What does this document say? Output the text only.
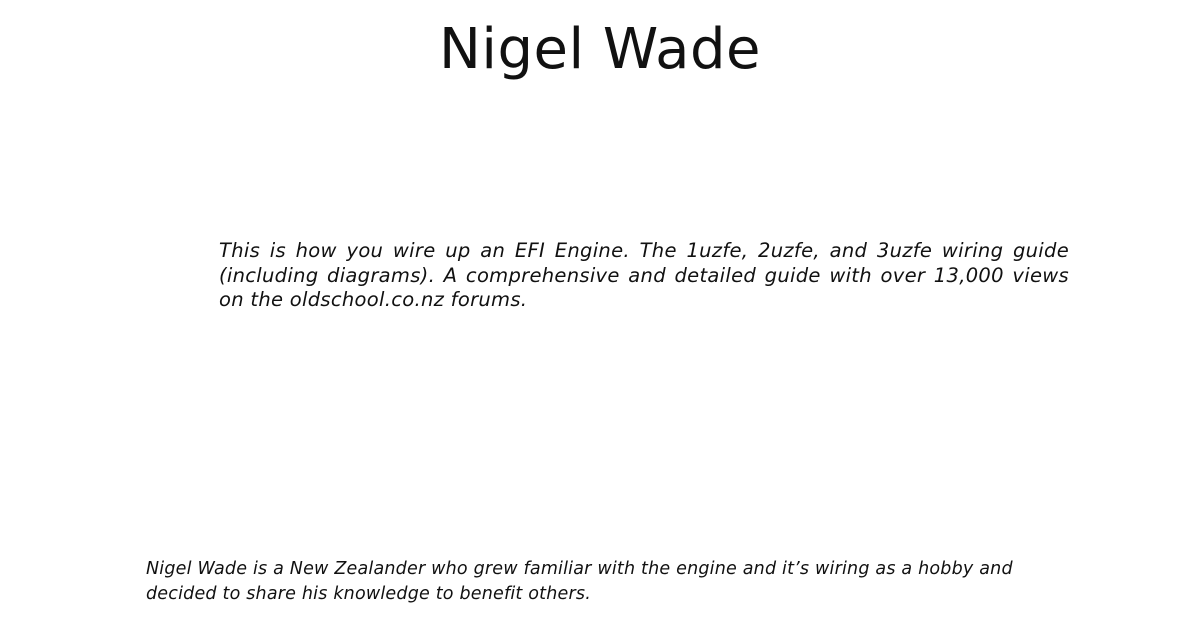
Nigel Wade

This is how you wire up an EFI Engine. The 1uzfe, 2uzfe, and 3uzfe wiring guide (including diagrams). A comprehensive and detailed guide with over 13,000 views on the oldschool.co.nz forums.

Nigel Wade is a New Zealander who grew familiar with the engine and it’s wiring as a hobby and decided to share his knowledge to benefit others.
